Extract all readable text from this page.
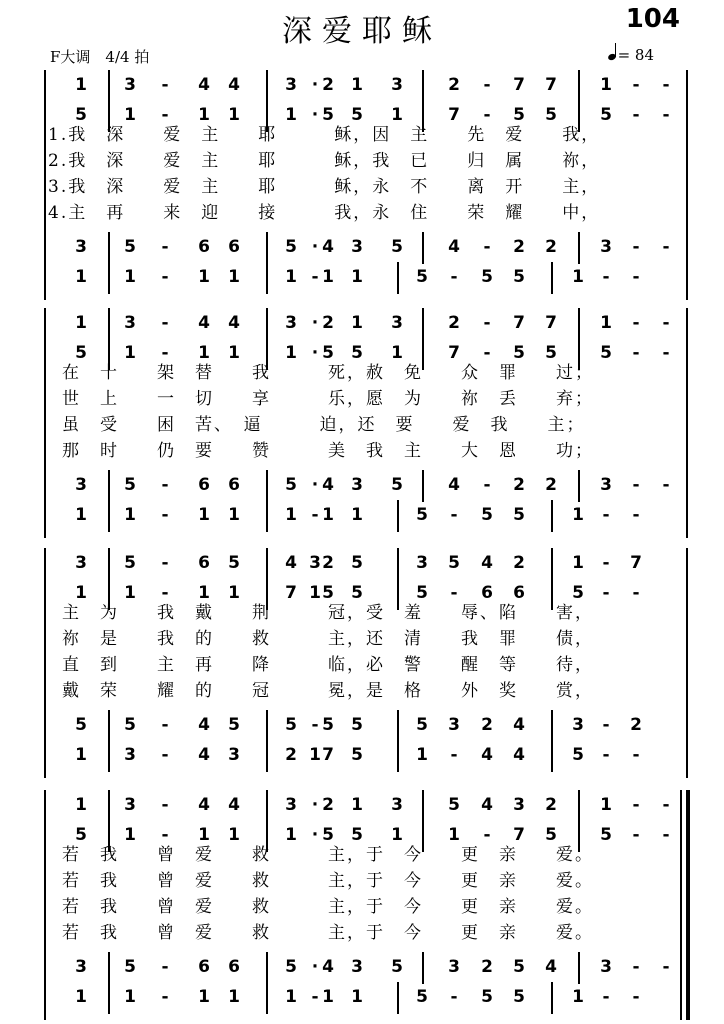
深爱耶稣	104
F大调　4/4 拍	= 84
1 3	-	4 4	3 · 2 1 3	2	-	7 7	1	-	-
5 1	-	1 1	1 · 5 5 1	7	-	5 5	5	-	-
3 5	-	6 6	5 · 4 3 5	4	-	2 2	3	-	-
1 1	-	1 1	1 - 1 1	5	-	5 5	1	-	-
1.我　深　　爱　主　　耶　　　稣，因　主　　先　爱　　我，
2.我　深　　爱　主　　耶　　　稣，我　已　　归　属　　祢，
3.我　深　　爱　主　　耶　　　稣，永　不　　离　开　　主，
4.主　再　　来　迎　　接　　　我，永　住　　荣　耀　　中，
1 3	-	4 4	3 · 2 1 3	2	-	7 7	1	-	-
5 1	-	1 1	1 · 5 5 1	7	-	5 5	5	-	-
3 5	-	6 6	5 · 4 3 5	4	-	2 2	3	-	-
1 1	-	1 1	1 - 1 1	5	-	5 5	1	-	-
在　十　　架　替　　我　　　死，赦　免　　众　罪　　过；
世　上　　一　切　　享　　　乐，愿　为　　祢　丢　　弃；
虽　受　　困　苦、　逼　　　迫，还　要　　爱　我　　主；
那　时　　仍　要　　赞　　　美　我　主　　大　恩　　功；
3 5	-	6 5	4 3 2 5	3 5 4 2	1	-	7
1 1	-	1 1	7 1 5 5	5	-	6 6	5	-	-
5 5	-	4 5	5 - 5 5	5 3 2 4	3	-	2
1 3	-	4 3	2 1 7 5	1	-	4 4	5	-	-
主　为　　我　戴　　荆　　　冠，受　羞　　辱、陷　　害，
祢　是　　我　的　　救　　　主，还　清　　我　罪　　债，
直　到　　主　再　　降　　　临，必　警　　醒　等　　待，
戴　荣　　耀　的　　冠　　　冕，是　格　　外　奖　　赏，
1 3	-	4 4	3 · 2 1 3	5 4 3 2	1	-	-
5 1	-	1 1	1 · 5 5 1	1	-	7 5	5	-	-
3 5	-	6 6	5 · 4 3 5	3 2 5 4	3	-	-
1 1	-	1 1	1 - 1 1	5	-	5 5	1	-	-
若　我　　曾　爱　　救　　　主，于　今　　更　亲　　爱。
若　我　　曾　爱　　救　　　主，于　今　　更　亲　　爱。
若　我　　曾　爱　　救　　　主，于　今　　更　亲　　爱。
若　我　　曾　爱　　救　　　主，于　今　　更　亲　　爱。
